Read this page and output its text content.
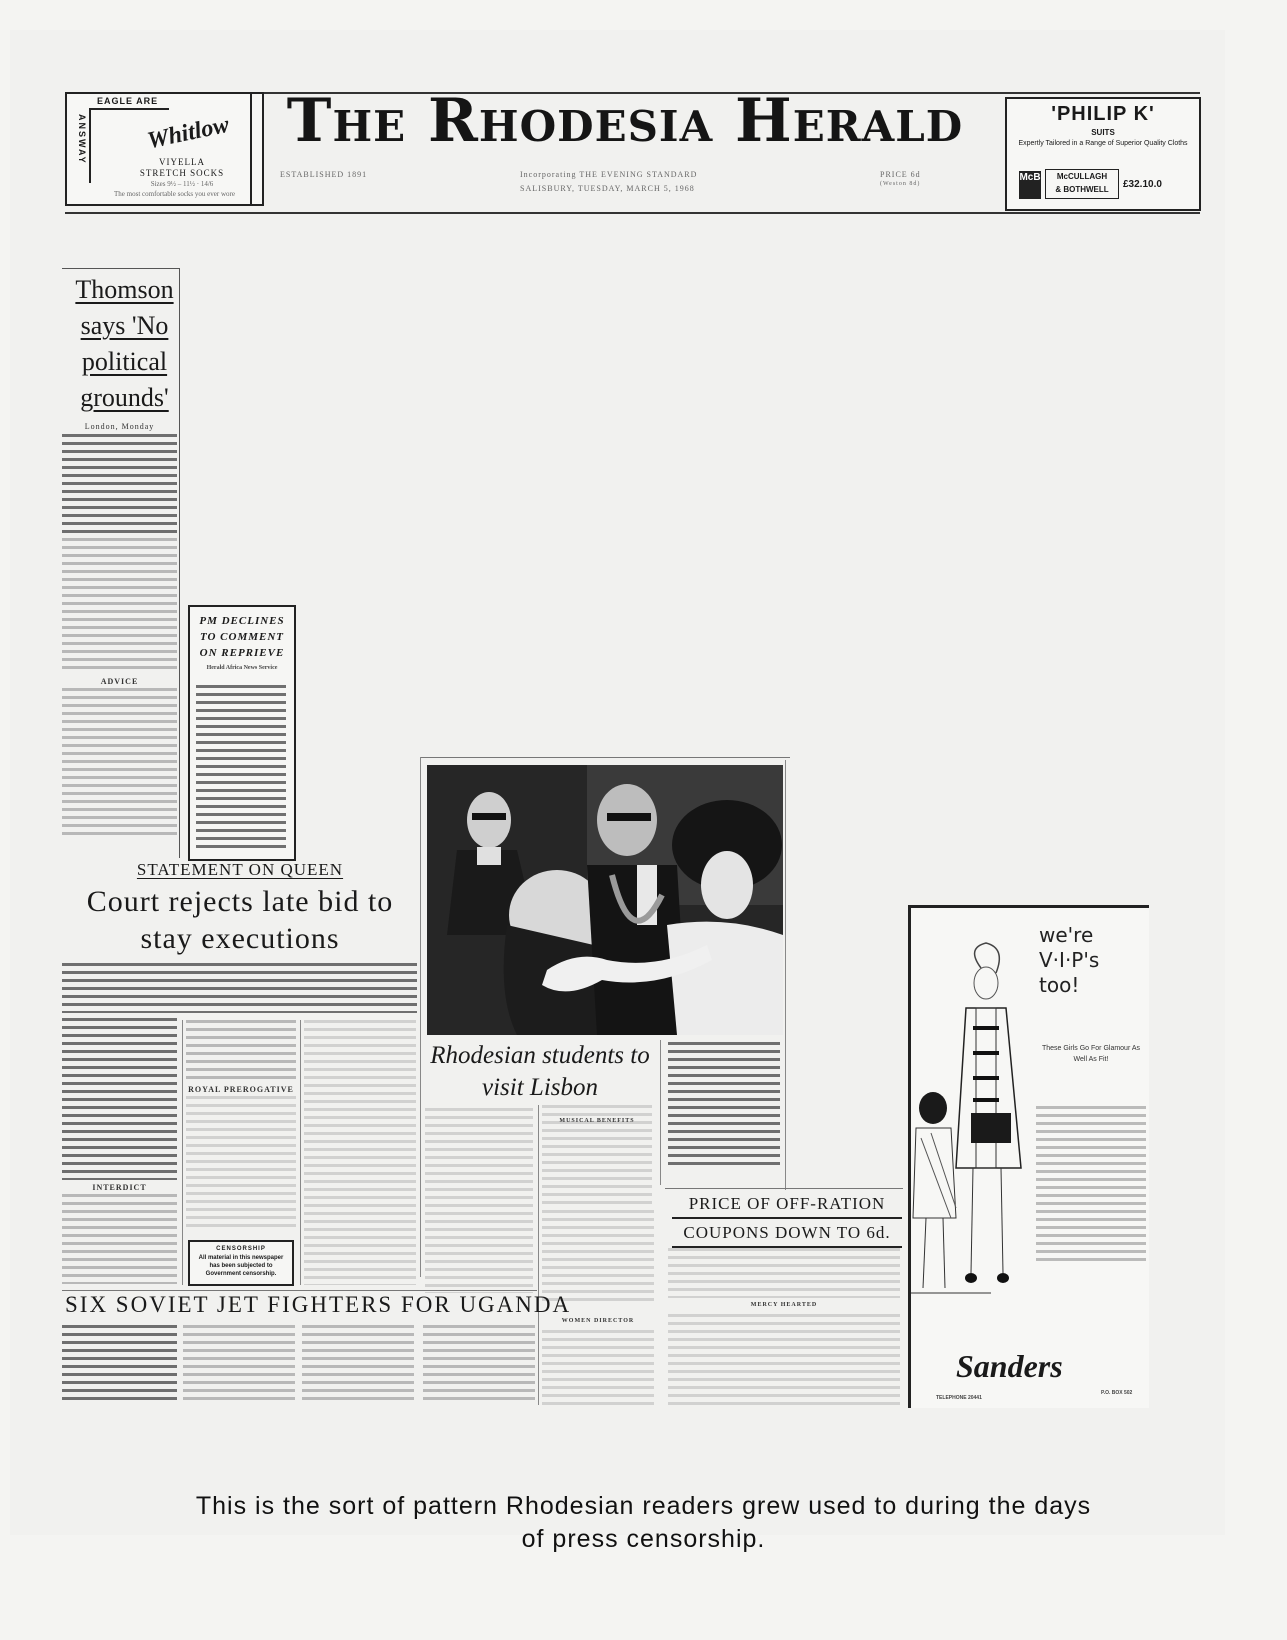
EAGLE ARE
ANSWAY Whitlow
VIYELLA
STRETCH SOCKS
Sizes 9½ – 11½ · 14/6
The most comfortable socks you ever wore
The Rhodesia Herald
ESTABLISHED 1891	Incorporating THE EVENING STANDARD
SALISBURY, TUESDAY, MARCH 5, 1968
PRICE 6d
(Weston 8d)
'PHILIP K'
SUITS
Expertly Tailored in a Range of Superior Quality Cloths
McB	McCULLAGH
& BOTHWELL	£32.10.0
Thomson
says 'No
political
grounds'
London, Monday
ADVICE
PM DECLINES TO COMMENT ON REPRIEVE
Herald Africa News Service
STATEMENT ON QUEEN
Court rejects late bid to stay executions
INTERDICT
ROYAL PREROGATIVE
CENSORSHIP
All material in this newspaper has been subjected to Government censorship.
Rhodesian students to visit Lisbon
MUSICAL BENEFITS
WOMEN DIRECTOR
PRICE OF OFF-RATION
COUPONS DOWN TO 6d.
MERCY HEARTED
SIX SOVIET JET FIGHTERS FOR UGANDA
we're
V·I·P's
too!
These Girls Go For Glamour As Well As Fit!
Sanders
TELEPHONE 20441
P.O. BOX 502
This is the sort of pattern Rhodesian readers grew used to during the days
of press censorship.
